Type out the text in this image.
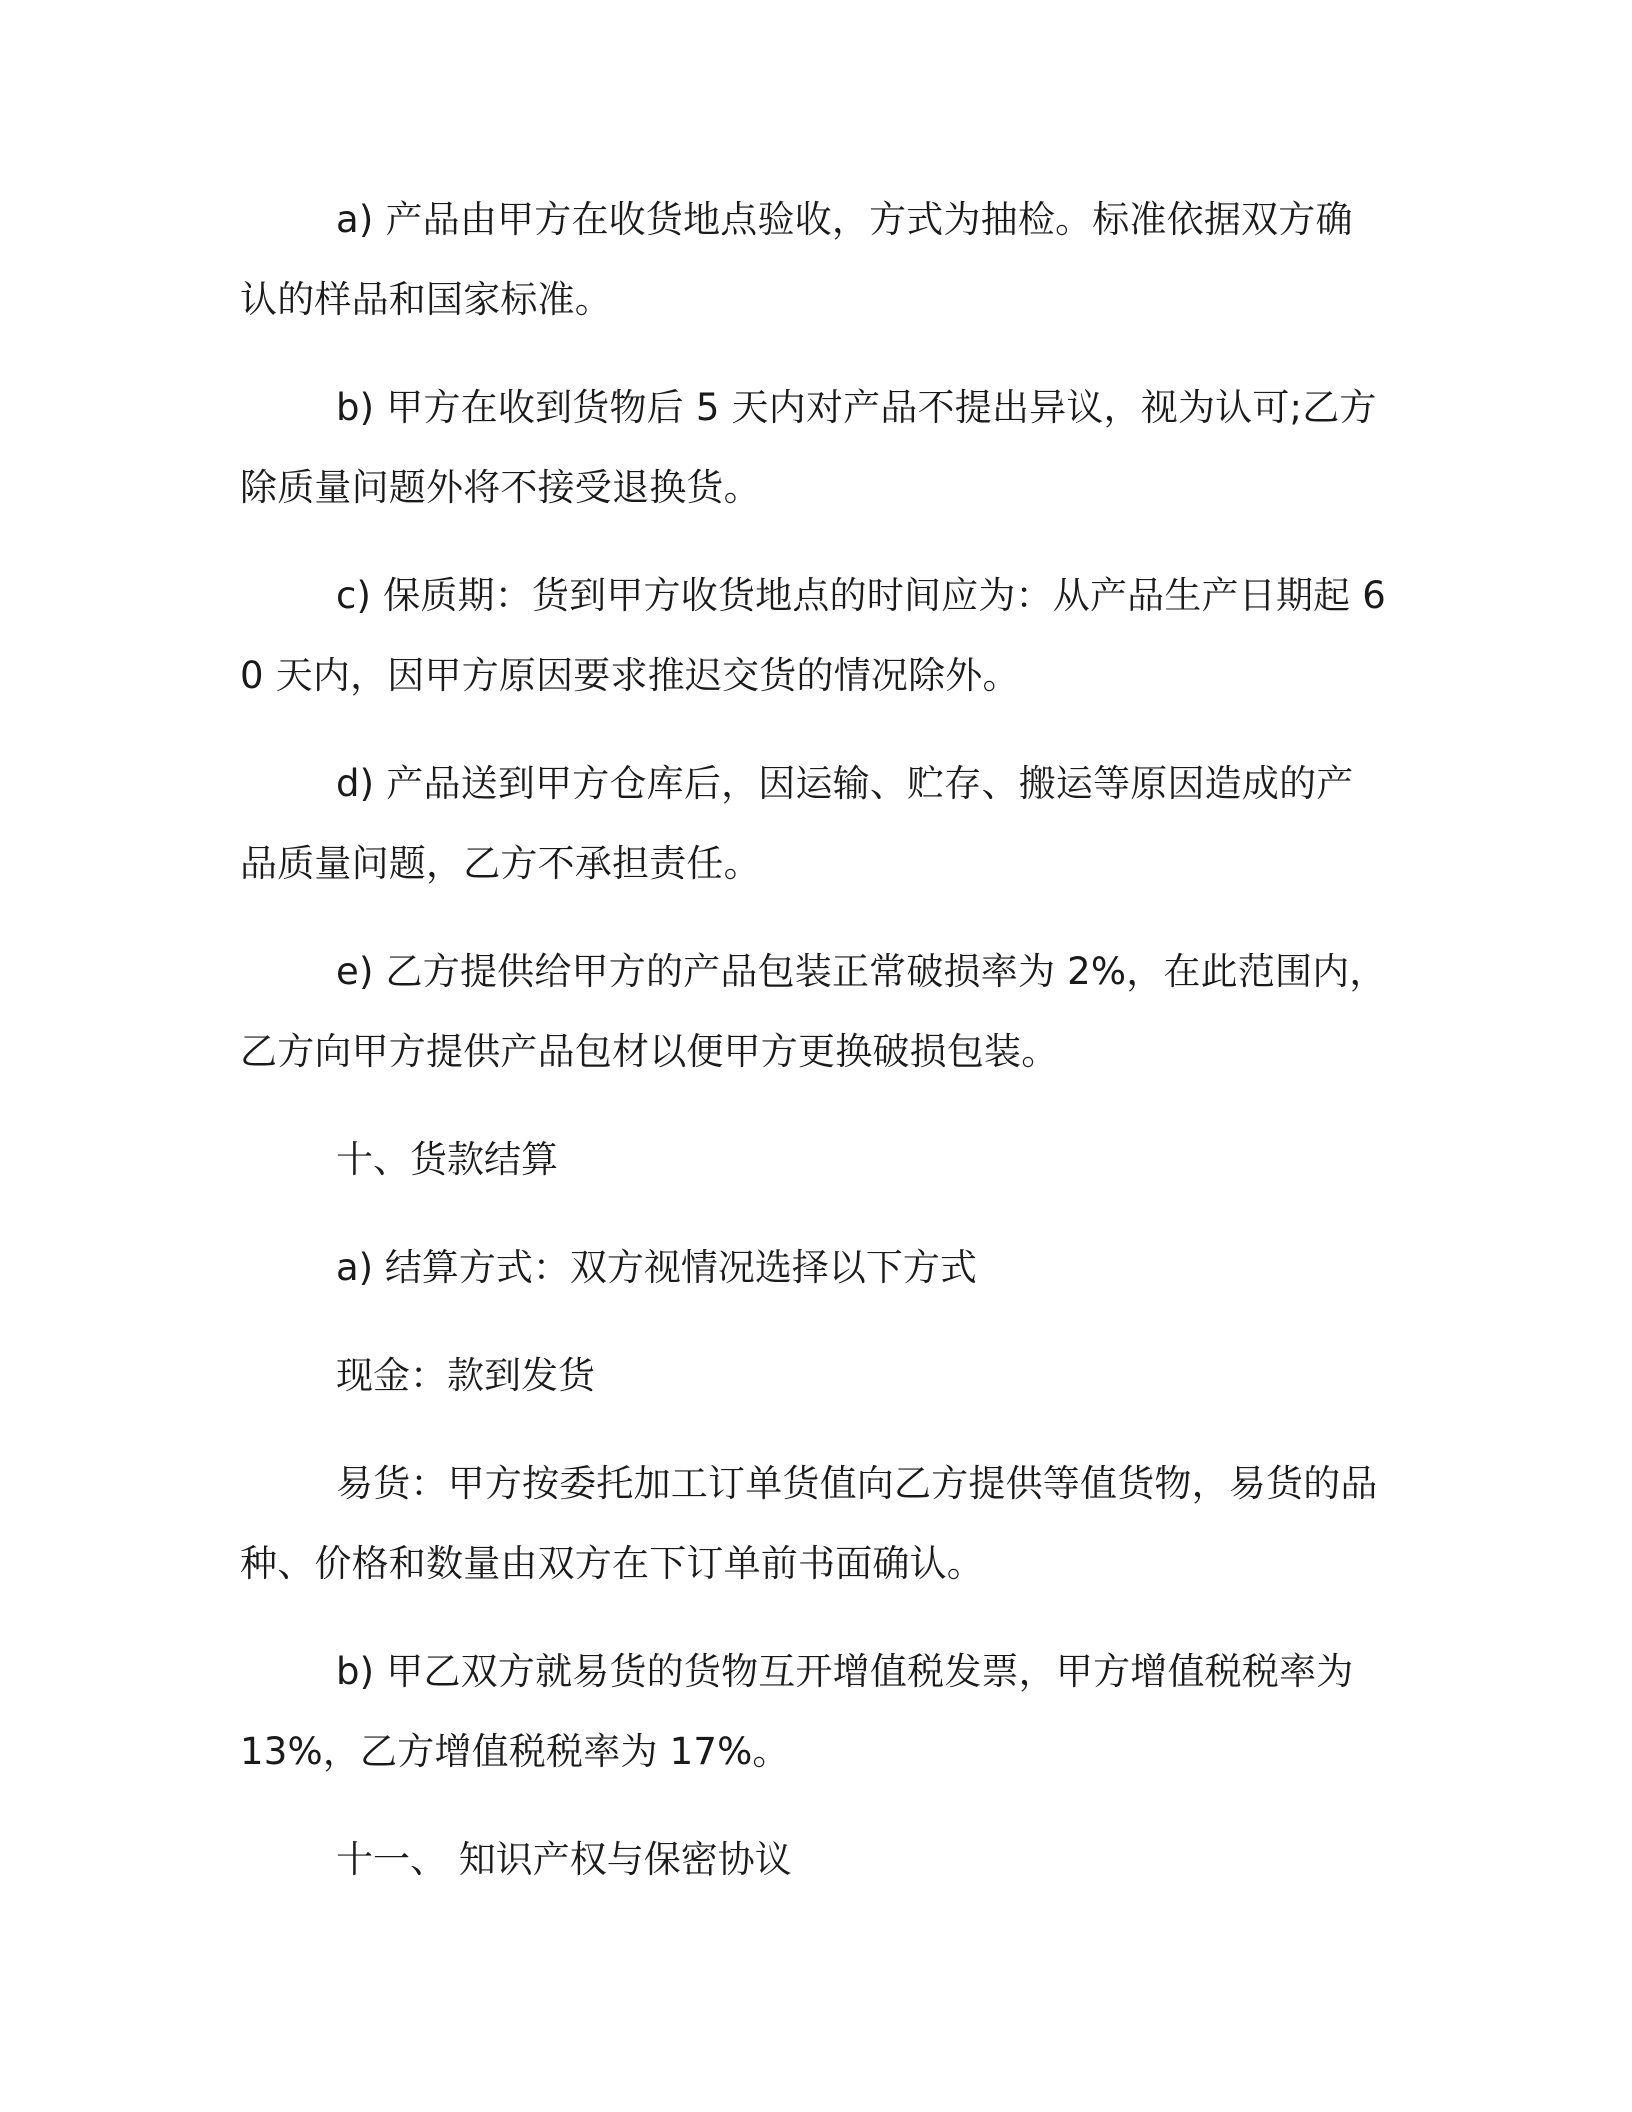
a) 产品由甲方在收货地点验收，方式为抽检。标准依据双方确认的样品和国家标准。

b) 甲方在收到货物后 5 天内对产品不提出异议，视为认可;乙方除质量问题外将不接受退换货。

c) 保质期：货到甲方收货地点的时间应为：从产品生产日期起 60 天内，因甲方原因要求推迟交货的情况除外。

d) 产品送到甲方仓库后，因运输、贮存、搬运等原因造成的产品质量问题，乙方不承担责任。

e) 乙方提供给甲方的产品包装正常破损率为 2%，在此范围内，乙方向甲方提供产品包材以便甲方更换破损包装。

十、货款结算

a) 结算方式：双方视情况选择以下方式

现金：款到发货

易货：甲方按委托加工订单货值向乙方提供等值货物，易货的品种、价格和数量由双方在下订单前书面确认。

b) 甲乙双方就易货的货物互开增值税发票，甲方增值税税率为 13%，乙方增值税税率为 17%。

十一、 知识产权与保密协议
